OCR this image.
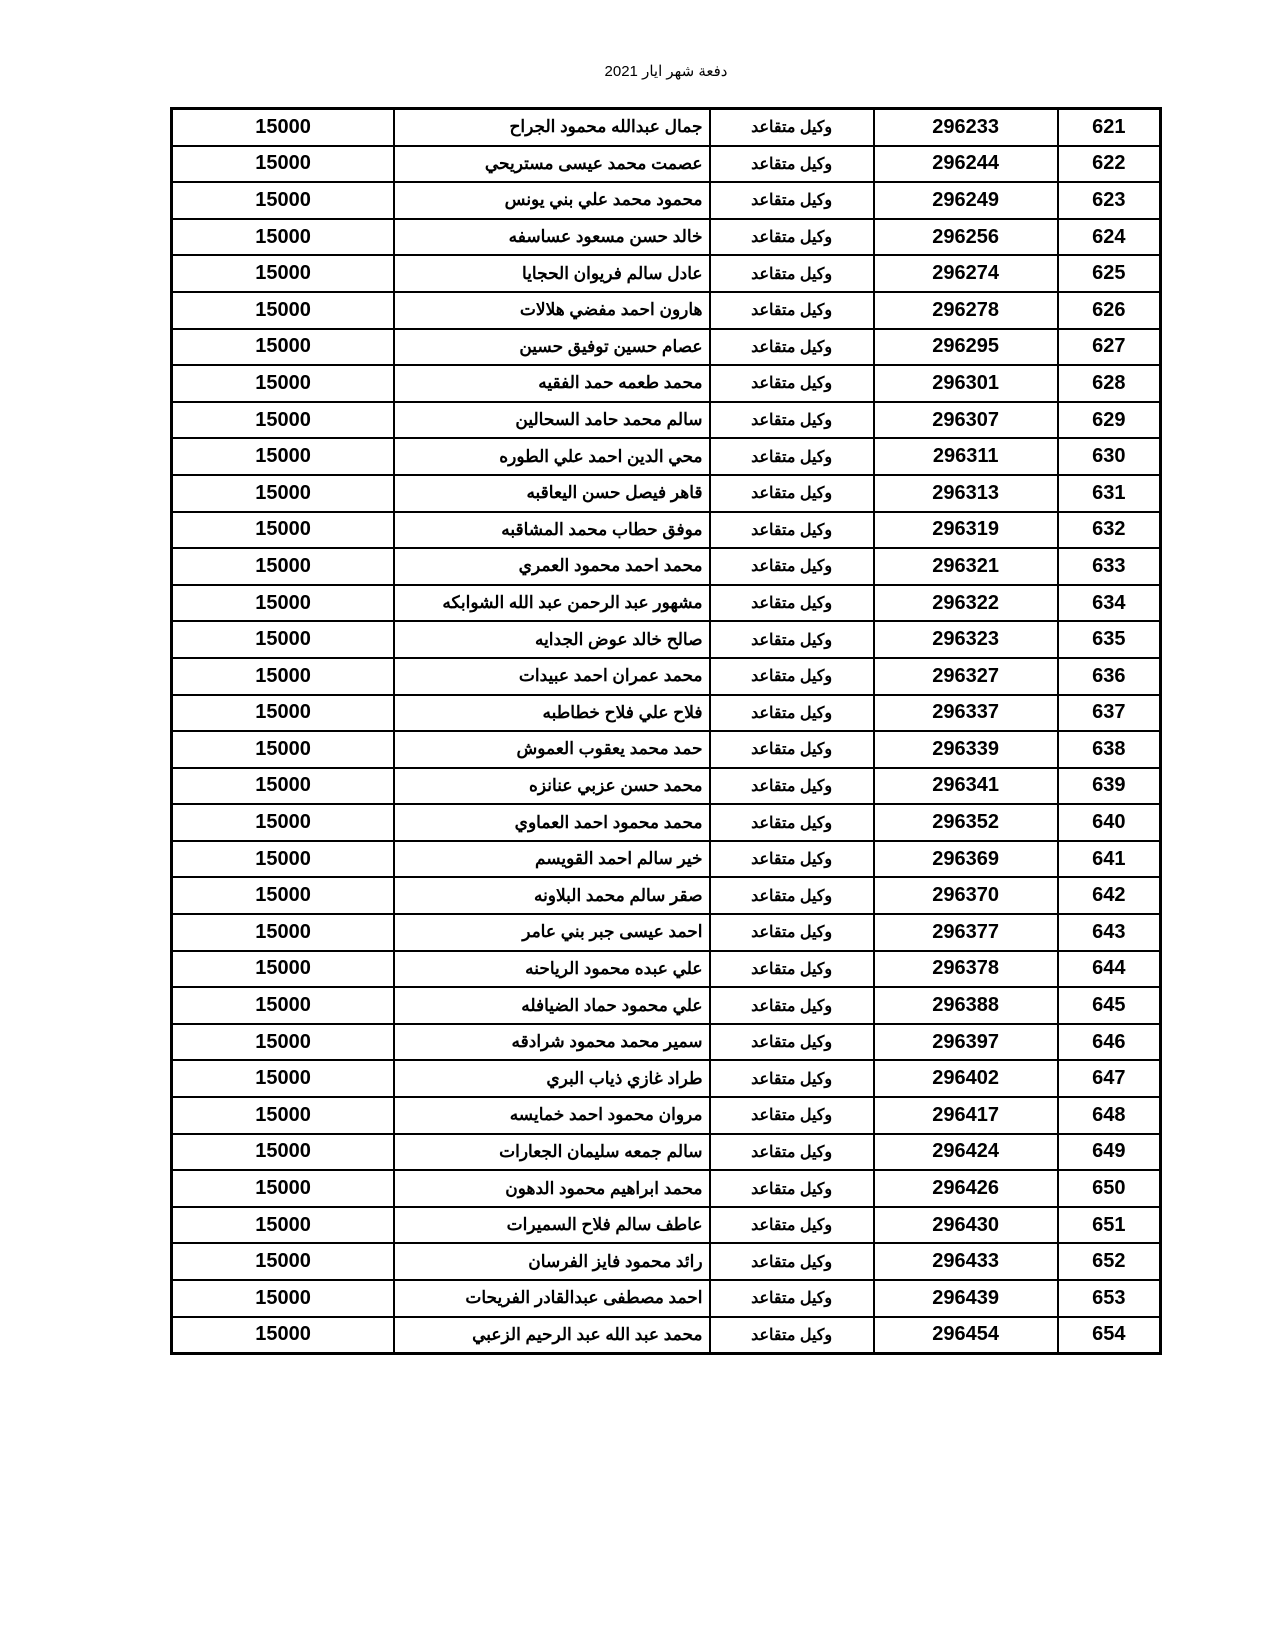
دفعة شهر ايار 2021
621	296233	وكيل متقاعد	جمال عبدالله محمود الجراح	15000
622	296244	وكيل متقاعد	عصمت محمد عيسى مستريحي	15000
623	296249	وكيل متقاعد	محمود محمد علي بني يونس	15000
624	296256	وكيل متقاعد	خالد حسن مسعود عساسفه	15000
625	296274	وكيل متقاعد	عادل سالم فريوان الحجايا	15000
626	296278	وكيل متقاعد	هارون احمد مفضي هلالات	15000
627	296295	وكيل متقاعد	عصام حسين توفيق حسين	15000
628	296301	وكيل متقاعد	محمد طعمه حمد الفقيه	15000
629	296307	وكيل متقاعد	سالم محمد حامد السحالين	15000
630	296311	وكيل متقاعد	محي الدين احمد علي الطوره	15000
631	296313	وكيل متقاعد	قاهر فيصل حسن اليعاقبه	15000
632	296319	وكيل متقاعد	موفق حطاب محمد المشاقبه	15000
633	296321	وكيل متقاعد	محمد احمد محمود العمري	15000
634	296322	وكيل متقاعد	مشهور عبد الرحمن عبد الله الشوابكه	15000
635	296323	وكيل متقاعد	صالح خالد عوض الجدايه	15000
636	296327	وكيل متقاعد	محمد عمران احمد عبيدات	15000
637	296337	وكيل متقاعد	فلاح علي فلاح خطاطبه	15000
638	296339	وكيل متقاعد	حمد محمد يعقوب العموش	15000
639	296341	وكيل متقاعد	محمد حسن عزبي عنانزه	15000
640	296352	وكيل متقاعد	محمد محمود احمد العماوي	15000
641	296369	وكيل متقاعد	خير سالم احمد القويسم	15000
642	296370	وكيل متقاعد	صقر سالم محمد البلاونه	15000
643	296377	وكيل متقاعد	احمد عيسى جبر بني عامر	15000
644	296378	وكيل متقاعد	علي عبده محمود الرياحنه	15000
645	296388	وكيل متقاعد	علي محمود حماد الضيافله	15000
646	296397	وكيل متقاعد	سمير محمد محمود شرادقه	15000
647	296402	وكيل متقاعد	طراد غازي ذياب البري	15000
648	296417	وكيل متقاعد	مروان محمود احمد خمايسه	15000
649	296424	وكيل متقاعد	سالم جمعه سليمان الجعارات	15000
650	296426	وكيل متقاعد	محمد ابراهيم محمود الدهون	15000
651	296430	وكيل متقاعد	عاطف سالم فلاح السميرات	15000
652	296433	وكيل متقاعد	رائد محمود فايز الفرسان	15000
653	296439	وكيل متقاعد	احمد مصطفى عبدالقادر الفريحات	15000
654	296454	وكيل متقاعد	محمد عبد الله عبد الرحيم الزعبي	15000
